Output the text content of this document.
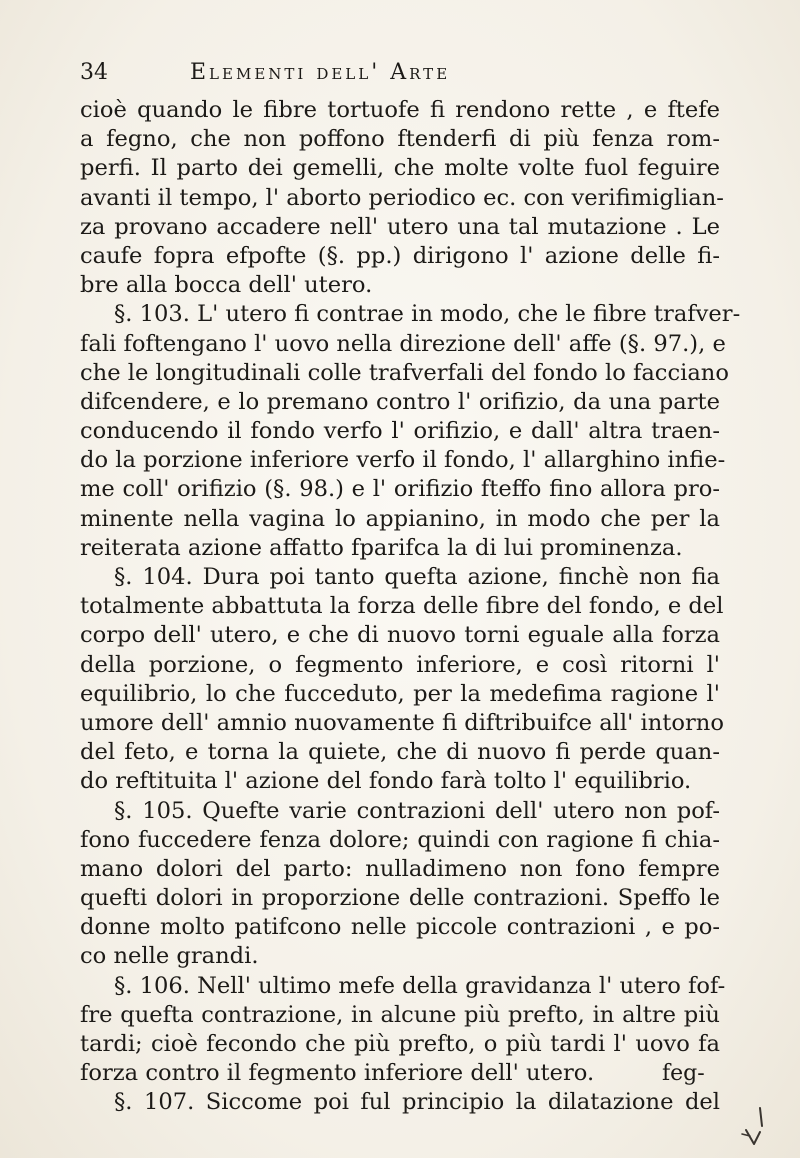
34	Elementi dell' Arte
cioè quando le fibre tortuofe fi rendono rette , e ftefe
a fegno, che non poffono ftenderfi di più fenza rom-
perfi. Il parto dei gemelli, che molte volte fuol feguire
avanti il tempo, l' aborto periodico ec. con verifimiglian-
za provano accadere nell' utero una tal mutazione . Le
caufe fopra efpofte (§. pp.) dirigono l' azione delle fi-
bre alla bocca dell' utero.
§. 103. L' utero fi contrae in modo, che le fibre trafver-
fali foftengano l' uovo nella direzione dell' affe (§. 97.), e
che le longitudinali colle trafverfali del fondo lo facciano
difcendere, e lo premano contro l' orifizio, da una parte
conducendo il fondo verfo l' orifizio, e dall' altra traen-
do la porzione inferiore verfo il fondo, l' allarghino infie-
me coll' orifizio (§. 98.) e l' orifizio fteffo fino allora pro-
minente nella vagina lo appianino, in modo che per la
reiterata azione affatto fparifca la di lui prominenza.
§. 104. Dura poi tanto quefta azione, finchè non fia
totalmente abbattuta la forza delle fibre del fondo, e del
corpo dell' utero, e che di nuovo torni eguale alla forza
della porzione, o fegmento inferiore, e così ritorni l'
equilibrio, lo che fucceduto, per la medefima ragione l'
umore dell' amnio nuovamente fi diftribuifce all' intorno
del feto, e torna la quiete, che di nuovo fi perde quan-
do reftituita l' azione del fondo farà tolto l' equilibrio.
§. 105. Quefte varie contrazioni dell' utero non pof-
fono fuccedere fenza dolore; quindi con ragione fi chia-
mano dolori del parto: nulladimeno non fono fempre
quefti dolori in proporzione delle contrazioni. Speffo le
donne molto patifcono nelle piccole contrazioni , e po-
co nelle grandi.
§. 106. Nell' ultimo mefe della gravidanza l' utero fof-
fre quefta contrazione, in alcune più prefto, in altre più
tardi; cioè fecondo che più prefto, o più tardi l' uovo fa
forza contro il fegmento inferiore dell' utero.
§. 107. Siccome poi ful principio la dilatazione del
feg-
